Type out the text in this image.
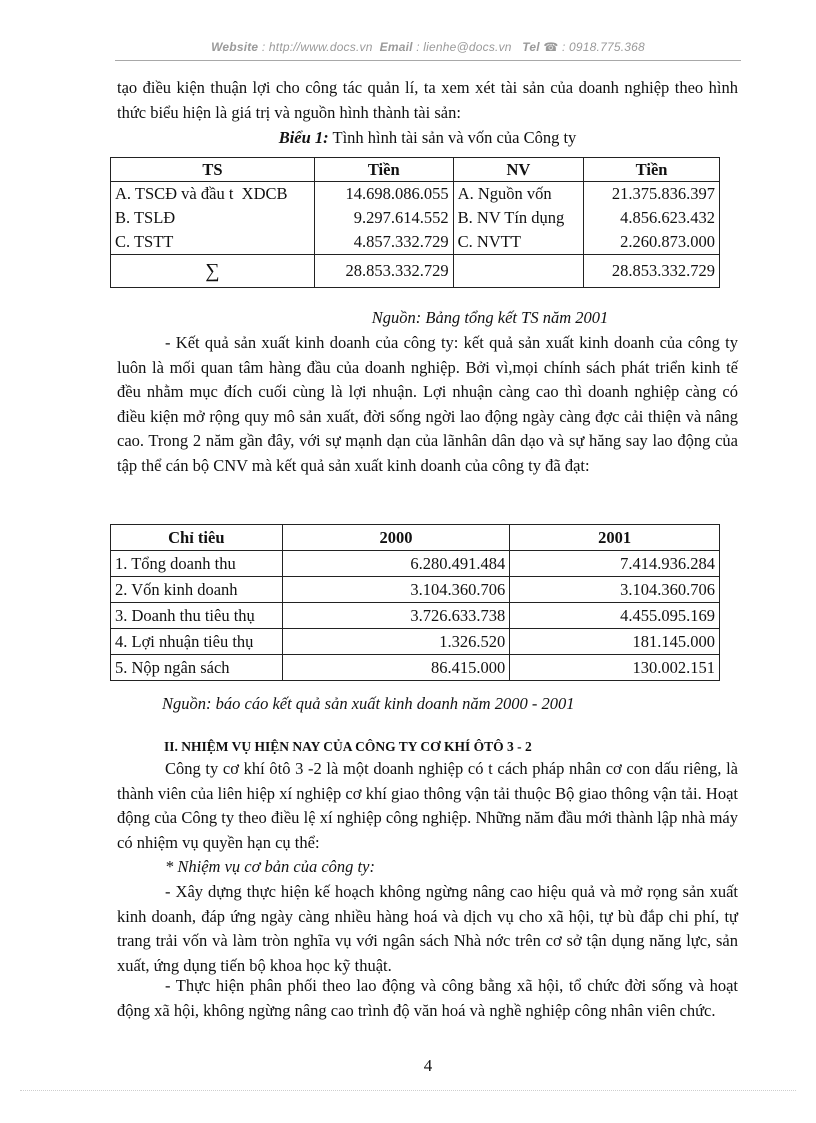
Website : http://www.docs.vn Email : lienhe@docs.vn Tel ☎ : 0918.775.368
tạo điều kiện thuận lợi cho công tác quản lí, ta xem xét tài sản của doanh nghiệp theo hình thức biểu hiện là giá trị và nguồn hình thành tài sản:
Biểu 1: Tình hình tài sản và vốn của Công ty
TS	Tiền	NV	Tiền
A. TSCĐ và đầu t  XDCB	14.698.086.055	A. Nguồn vốn	21.375.836.397
B. TSLĐ	9.297.614.552	B. NV Tín dụng	4.856.623.432
C. TSTT	4.857.332.729	C. NVTT	2.260.873.000
∑	28.853.332.729		28.853.332.729
Nguồn: Bảng tổng kết TS năm 2001
- Kết quả sản xuất kinh doanh của công ty: kết quả sản xuất kinh doanh của công ty luôn là mối quan tâm hàng đầu của doanh nghiệp. Bởi vì,mọi chính sách phát triển kinh tế đều nhằm mục đích cuối cùng là lợi nhuận. Lợi nhuận càng cao thì doanh nghiệp càng có điều kiện mở rộng quy mô sản xuất, đời sống ngời lao động ngày càng đợc cải thiện và nâng cao. Trong 2 năm gần đây, với sự mạnh dạn của lãnhân dân dạo và sự hăng say lao động của tập thể cán bộ CNV mà kết quả sản xuất kinh doanh của công ty đã đạt:
Chỉ tiêu	2000	2001
1. Tổng doanh thu	6.280.491.484	7.414.936.284
2. Vốn kinh doanh	3.104.360.706	3.104.360.706
3. Doanh thu tiêu thụ	3.726.633.738	4.455.095.169
4. Lợi nhuận tiêu thụ	1.326.520	181.145.000
5. Nộp ngân sách	86.415.000	130.002.151
Nguồn: báo cáo kết quả sản xuất kinh doanh năm 2000 - 2001
II. NHIỆM VỤ HIỆN NAY CỦA CÔNG TY CƠ KHÍ ÔTÔ 3 - 2
Công ty cơ khí ôtô 3 -2 là một doanh nghiệp có t cách pháp nhân cơ con dấu riêng, là thành viên của liên hiệp xí nghiệp cơ khí giao thông vận tải thuộc Bộ giao thông vận tải. Hoạt động của Công ty theo điều lệ xí nghiệp công nghiệp. Những năm đầu mới thành lập nhà máy có nhiệm vụ quyền hạn cụ thể:
* Nhiệm vụ cơ bản của công ty:
- Xây dựng thực hiện kế hoạch không ngừng nâng cao hiệu quả và mở rọng sản xuất kinh doanh, đáp ứng ngày càng nhiều hàng hoá và dịch vụ cho xã hội, tự bù đắp chi phí, tự trang trải vốn và làm tròn nghĩa vụ với ngân sách Nhà nớc trên cơ sở tận dụng năng lực, sản xuất, ứng dụng tiến bộ khoa học kỹ thuật.
- Thực hiện phân phối theo lao động và công bằng xã hội, tổ chức đời sống và hoạt động xã hội, không ngừng nâng cao trình độ văn hoá và nghề nghiệp công nhân viên chức.
4
